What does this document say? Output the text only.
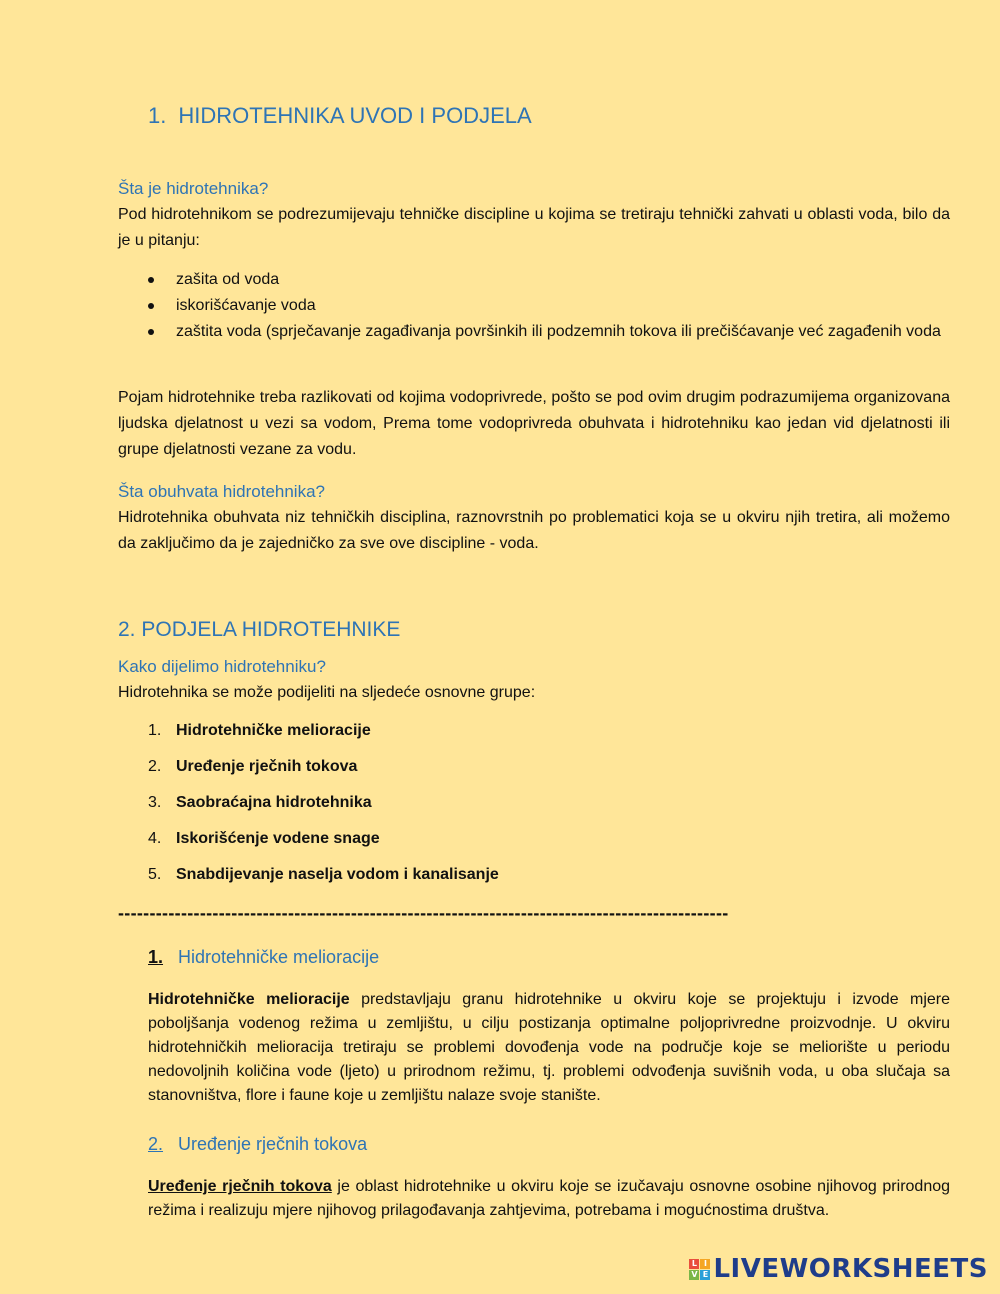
1. HIDROTEHNIKA UVOD I PODJELA

Šta je hidrotehnika?

Pod hidrotehnikom se podrezumijevaju tehničke discipline u kojima se tretiraju tehnički zahvati u oblasti voda, bilo da je u pitanju:

zašita od voda
iskorišćavanje voda
zaštita voda (sprječavanje zagađivanja površinkih ili podzemnih tokova ili prečišćavanje već zagađenih voda

Pojam hidrotehnike treba razlikovati od kojima vodoprivrede, pošto se pod ovim drugim podrazumijema organizovana ljudska djelatnost u vezi sa vodom, Prema tome vodoprivreda obuhvata i hidrotehniku kao jedan vid djelatnosti ili grupe djelatnosti vezane za vodu.

Šta obuhvata hidrotehnika?

Hidrotehnika obuhvata niz tehničkih disciplina, raznovrstnih po problematici koja se u okviru njih tretira, ali možemo da zaključimo da je zajedničko za sve ove discipline - voda.

2. PODJELA HIDROTEHNIKE

Kako dijelimo hidrotehniku?

Hidrotehnika se može podijeliti na sljedeće osnovne grupe:

1. Hidrotehničke melioracije
2. Uređenje rječnih tokova
3. Saobraćajna hidrotehnika
4. Iskorišćenje vodene snage
5. Snabdijevanje naselja vodom i kanalisanje
-------------------------------------------------------------------------------------------------
1. Hidrotehničke melioracije

Hidrotehničke melioracije predstavljaju granu hidrotehnike u okviru koje se projektuju i izvode mjere poboljšanja vodenog režima u zemljištu, u cilju postizanja optimalne poljoprivredne proizvodnje. U okviru hidrotehničkih melioracija tretiraju se problemi dovođenja vode na područje koje se meliorište u periodu nedovoljnih količina vode (ljeto) u prirodnom režimu, tj. problemi odvođenja suvišnih voda, u oba slučaja sa stanovništva, flore i faune koje u zemljištu nalaze svoje stanište.

2. Uređenje rječnih tokova

Uređenje rječnih tokova je oblast hidrotehnike u okviru koje se izučavaju osnovne osobine njihovog prirodnog režima i realizuju mjere njihovog prilagođavanja zahtjevima, potrebama i mogućnostima društva.

L I
V E LIVEWORKSHEETS
